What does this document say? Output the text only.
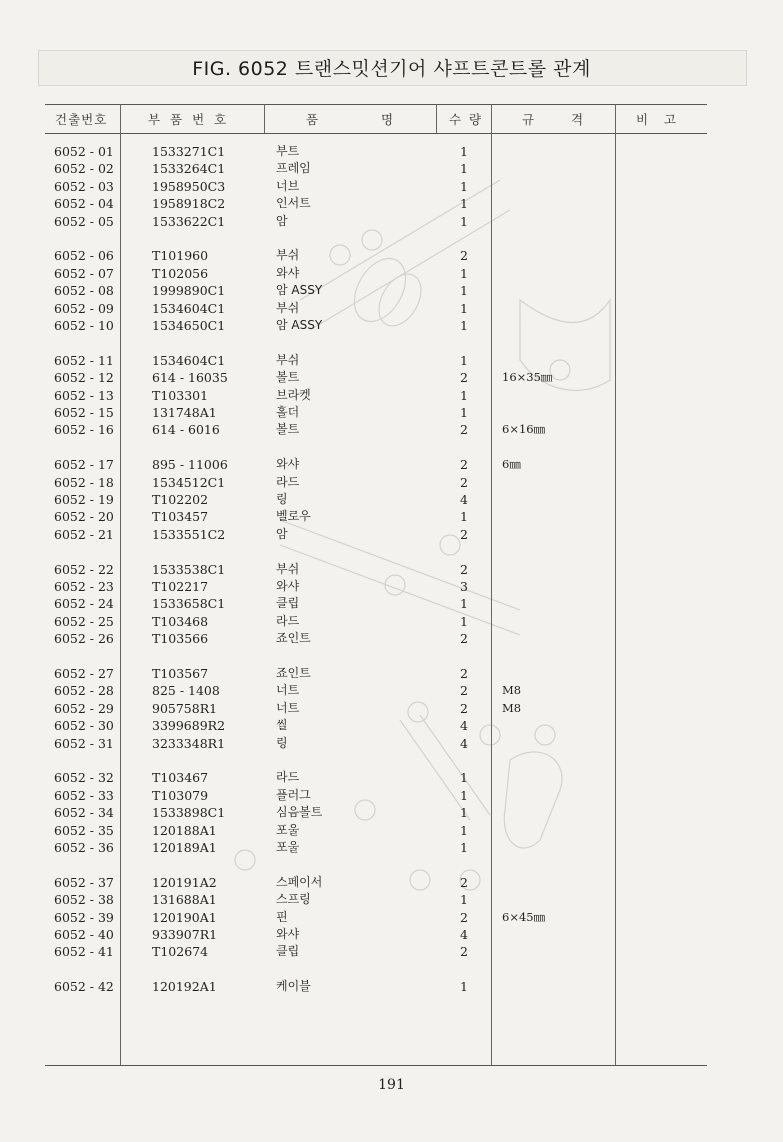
FIG. 6052 트랜스밋션기어 샤프트콘트롤 관계
건출번호	부 품 번 호	품	명	수 량	규	격	비 고
6052 - 01	1533271C1	부트	1
6052 - 02	1533264C1	프레임	1
6052 - 03	1958950C3	너브	1
6052 - 04	1958918C2	인서트	1
6052 - 05	1533622C1	암	1
6052 - 06	T101960	부쉬	2
6052 - 07	T102056	와샤	1
6052 - 08	1999890C1	암 ASSY	1
6052 - 09	1534604C1	부쉬	1
6052 - 10	1534650C1	암 ASSY	1
6052 - 11	1534604C1	부쉬	1
6052 - 12	614 - 16035	볼트	2	16×35㎜
6052 - 13	T103301	브라켓	1
6052 - 15	131748A1	홀더	1
6052 - 16	614 - 6016	볼트	2	6×16㎜
6052 - 17	895 - 11006	와샤	2	6㎜
6052 - 18	1534512C1	라드	2
6052 - 19	T102202	링	4
6052 - 20	T103457	벨로우	1
6052 - 21	1533551C2	암	2
6052 - 22	1533538C1	부쉬	2
6052 - 23	T102217	와샤	3
6052 - 24	1533658C1	클립	1
6052 - 25	T103468	라드	1
6052 - 26	T103566	죠인트	2
6052 - 27	T103567	죠인트	2
6052 - 28	825 - 1408	너트	2	M8
6052 - 29	905758R1	너트	2	M8
6052 - 30	3399689R2	씰	4
6052 - 31	3233348R1	링	4
6052 - 32	T103467	라드	1
6052 - 33	T103079	플러그	1
6052 - 34	1533898C1	심음볼트	1
6052 - 35	120188A1	포울	1
6052 - 36	120189A1	포울	1
6052 - 37	120191A2	스페이서	2
6052 - 38	131688A1	스프링	1
6052 - 39	120190A1	핀	2	6×45㎜
6052 - 40	933907R1	와샤	4
6052 - 41	T102674	클립	2
6052 - 42	120192A1	케이블	1
191
